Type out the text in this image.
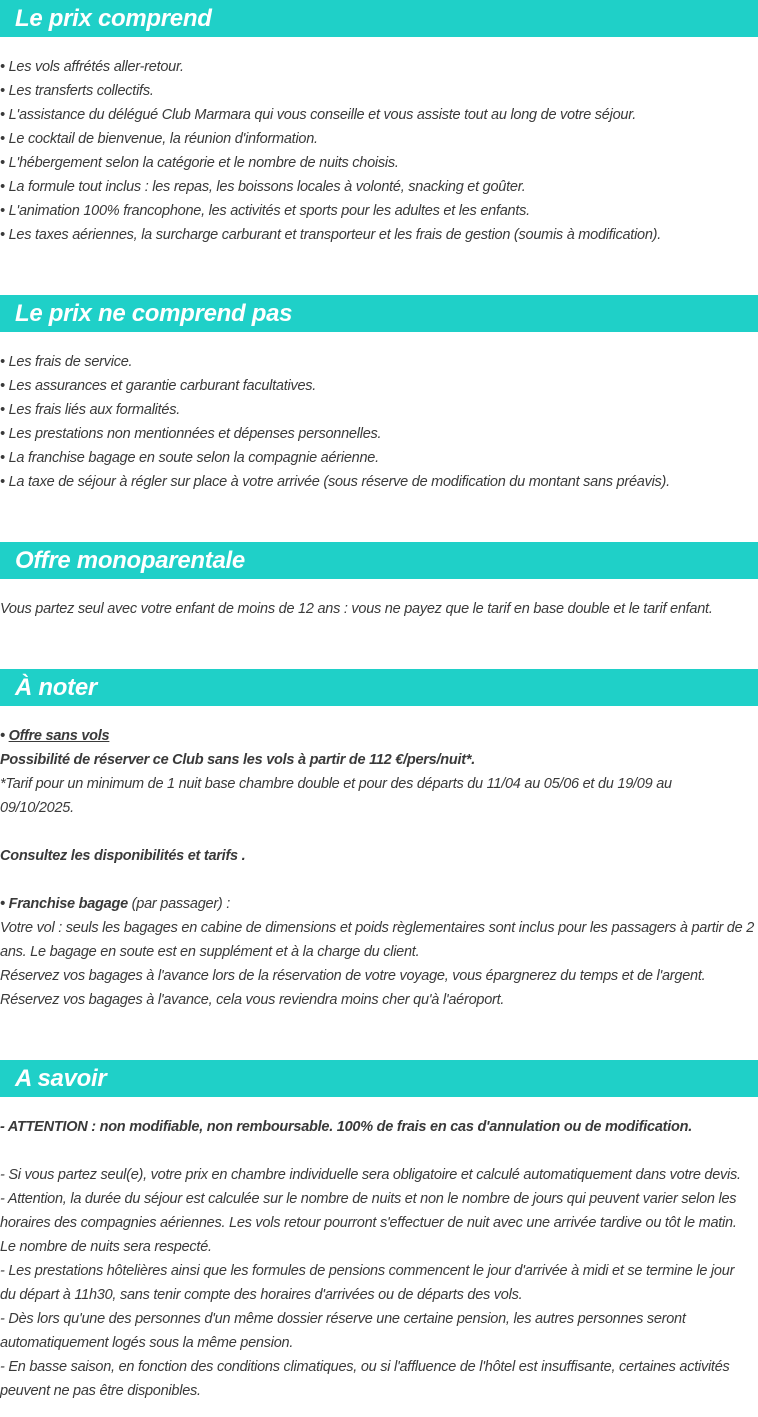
Le prix comprend
• Les vols affrétés aller-retour.
• Les transferts collectifs.
• L'assistance du délégué Club Marmara qui vous conseille et vous assiste tout au long de votre séjour.
• Le cocktail de bienvenue, la réunion d'information.
• L'hébergement selon la catégorie et le nombre de nuits choisis.
• La formule tout inclus : les repas, les boissons locales à volonté, snacking et goûter.
• L'animation 100% francophone, les activités et sports pour les adultes et les enfants.
• Les taxes aériennes, la surcharge carburant et transporteur et les frais de gestion (soumis à modification).
Le prix ne comprend pas
• Les frais de service.
• Les assurances et garantie carburant facultatives.
• Les frais liés aux formalités.
• Les prestations non mentionnées et dépenses personnelles.
• La franchise bagage en soute selon la compagnie aérienne.
• La taxe de séjour à régler sur place à votre arrivée (sous réserve de modification du montant sans préavis).
Offre monoparentale
Vous partez seul avec votre enfant de moins de 12 ans : vous ne payez que le tarif en base double et le tarif enfant.
À noter
• Offre sans vols
Possibilité de réserver ce Club sans les vols à partir de 112 €/pers/nuit*.
*Tarif pour un minimum de 1 nuit base chambre double et pour des départs du 11/04 au 05/06 et du 19/09 au
09/10/2025.
Consultez les disponibilités et tarifs .
• Franchise bagage (par passager) :
Votre vol : seuls les bagages en cabine de dimensions et poids règlementaires sont inclus pour les passagers à partir de 2
ans. Le bagage en soute est en supplément et à la charge du client.
Réservez vos bagages à l'avance lors de la réservation de votre voyage, vous épargnerez du temps et de l'argent.
Réservez vos bagages à l'avance, cela vous reviendra moins cher qu'à l'aéroport.
A savoir
- ATTENTION : non modifiable, non remboursable. 100% de frais en cas d'annulation ou de modification.
- Si vous partez seul(e), votre prix en chambre individuelle sera obligatoire et calculé automatiquement dans votre devis.
- Attention, la durée du séjour est calculée sur le nombre de nuits et non le nombre de jours qui peuvent varier selon les
horaires des compagnies aériennes. Les vols retour pourront s'effectuer de nuit avec une arrivée tardive ou tôt le matin.
Le nombre de nuits sera respecté.
- Les prestations hôtelières ainsi que les formules de pensions commencent le jour d'arrivée à midi et se termine le jour
du départ à 11h30, sans tenir compte des horaires d'arrivées ou de départs des vols.
- Dès lors qu'une des personnes d'un même dossier réserve une certaine pension, les autres personnes seront
automatiquement logés sous la même pension.
- En basse saison, en fonction des conditions climatiques, ou si l'affluence de l'hôtel est insuffisante, certaines activités
peuvent ne pas être disponibles.
